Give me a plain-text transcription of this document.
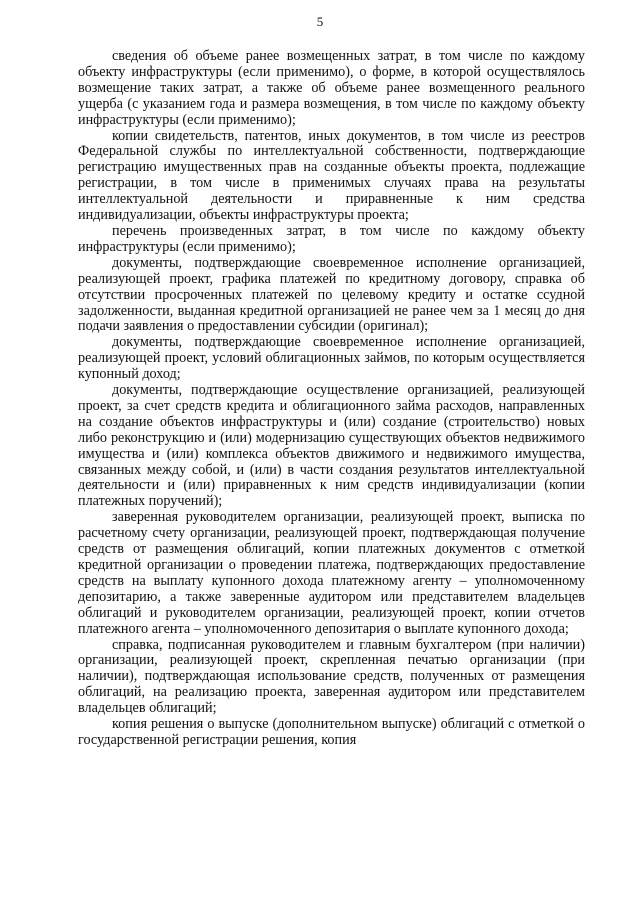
5

сведения об объеме ранее возмещенных затрат, в том числе по каждому объекту инфраструктуры (если применимо), о форме, в которой осуществлялось возмещение таких затрат, а также об объеме ранее возмещенного реального ущерба (с указанием года и размера возмещения, в том числе по каждому объекту инфраструктуры (если применимо);

копии свидетельств, патентов, иных документов, в том числе из реестров Федеральной службы по интеллектуальной собственности, подтверждающие регистрацию имущественных прав на созданные объекты проекта, подлежащие регистрации, в том числе в применимых случаях права на результаты интеллектуальной деятельности и приравненные к ним средства индивидуализации, объекты инфраструктуры проекта;

перечень произведенных затрат, в том числе по каждому объекту инфраструктуры (если применимо);

документы, подтверждающие своевременное исполнение организацией, реализующей проект, графика платежей по кредитному договору, справка об отсутствии просроченных платежей по целевому кредиту и остатке ссудной задолженности, выданная кредитной организацией не ранее чем за 1 месяц до дня подачи заявления о предоставлении субсидии (оригинал);

документы, подтверждающие своевременное исполнение организацией, реализующей проект, условий облигационных займов, по которым осуществляется купонный доход;

документы, подтверждающие осуществление организацией, реализующей проект, за счет средств кредита и облигационного займа расходов, направленных на создание объектов инфраструктуры и (или) создание (строительство) новых либо реконструкцию и (или) модернизацию существующих объектов недвижимого имущества и (или) комплекса объектов движимого и недвижимого имущества, связанных между собой, и (или) в части создания результатов интеллектуальной деятельности и (или) приравненных к ним средств индивидуализации (копии платежных поручений);

заверенная руководителем организации, реализующей проект, выписка по расчетному счету организации, реализующей проект, подтверждающая получение средств от размещения облигаций, копии платежных документов с отметкой кредитной организации о проведении платежа, подтверждающих предоставление средств на выплату купонного дохода платежному агенту – уполномоченному депозитарию, а также заверенные аудитором или представителем владельцев облигаций и руководителем организации, реализующей проект, копии отчетов платежного агента – уполномоченного депозитария о выплате купонного дохода;

справка, подписанная руководителем и главным бухгалтером (при наличии) организации, реализующей проект, скрепленная печатью организации (при наличии), подтверждающая использование средств, полученных от размещения облигаций, на реализацию проекта, заверенная аудитором или представителем владельцев облигаций;

копия решения о выпуске (дополнительном выпуске) облигаций с отметкой о государственной регистрации решения, копия
